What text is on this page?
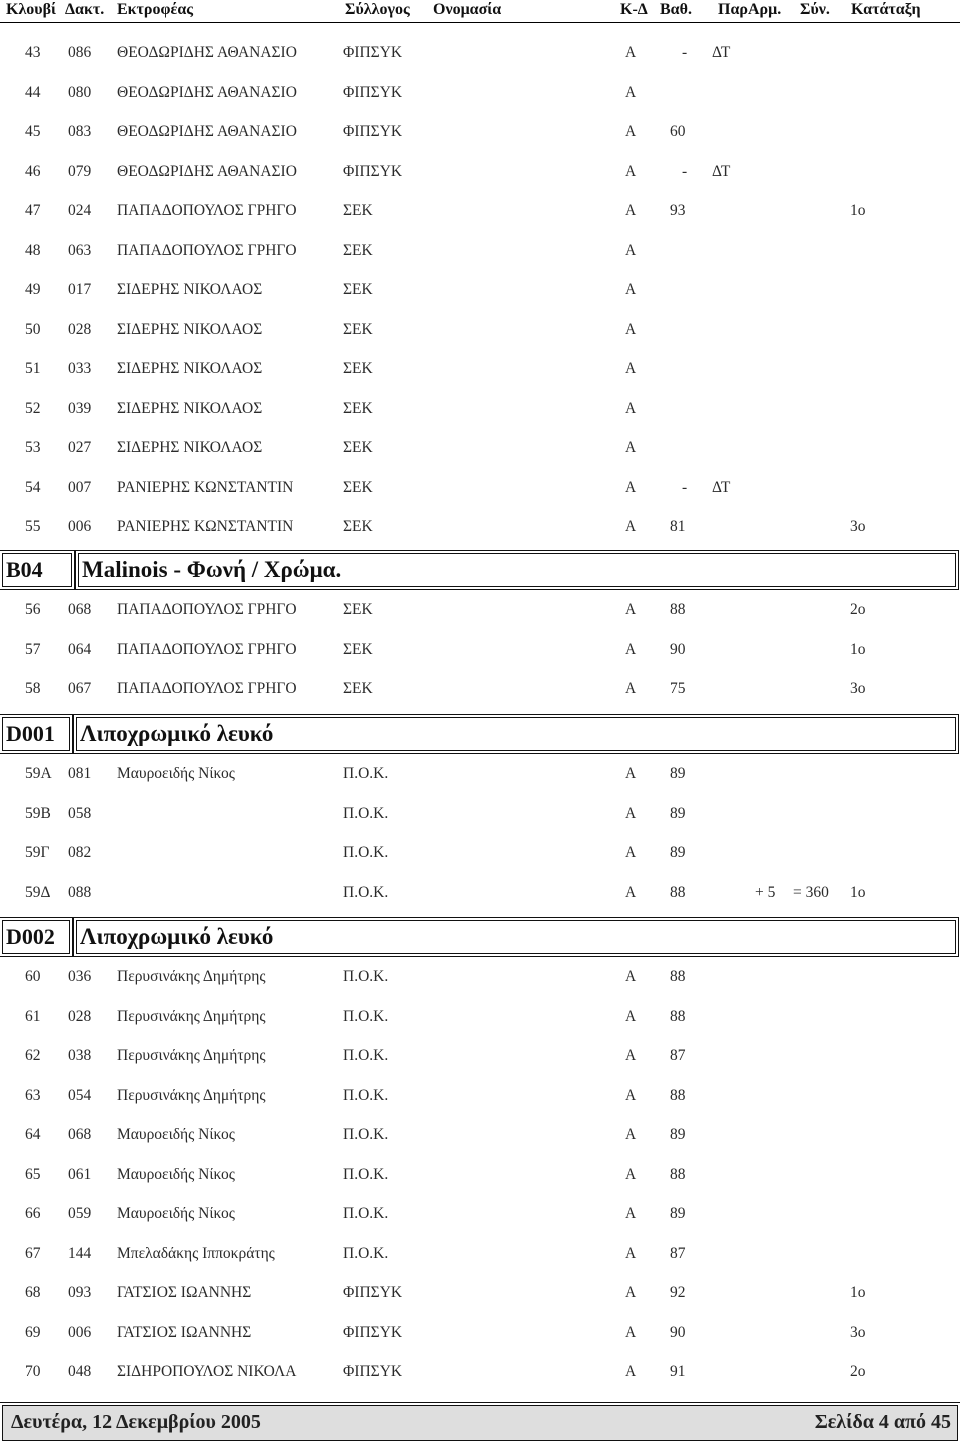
Κλουβί Δακτ. Εκτροφέας	Σύλλογος Ονομασία	Κ-Δ Βαθ. Παρ Αρμ. Σύν. Κατάταξη
43 086 ΘΕΟΔΩΡΙΔΗΣ ΑΘΑΝΑΣΙΟ	ΦΙΠΣΥΚ	Α	- ΔΤ
44 080 ΘΕΟΔΩΡΙΔΗΣ ΑΘΑΝΑΣΙΟ	ΦΙΠΣΥΚ	Α
45 083 ΘΕΟΔΩΡΙΔΗΣ ΑΘΑΝΑΣΙΟ	ΦΙΠΣΥΚ	Α 60
46 079 ΘΕΟΔΩΡΙΔΗΣ ΑΘΑΝΑΣΙΟ	ΦΙΠΣΥΚ	Α	- ΔΤ
47 024 ΠΑΠΑΔΟΠΟΥΛΟΣ ΓΡΗΓΟ	ΣΕΚ	Α 93	1ο
48 063 ΠΑΠΑΔΟΠΟΥΛΟΣ ΓΡΗΓΟ	ΣΕΚ	Α
49 017 ΣΙΔΕΡΗΣ ΝΙΚΟΛΑΟΣ	ΣΕΚ	Α
50 028 ΣΙΔΕΡΗΣ ΝΙΚΟΛΑΟΣ	ΣΕΚ	Α
51 033 ΣΙΔΕΡΗΣ ΝΙΚΟΛΑΟΣ	ΣΕΚ	Α
52 039 ΣΙΔΕΡΗΣ ΝΙΚΟΛΑΟΣ	ΣΕΚ	Α
53 027 ΣΙΔΕΡΗΣ ΝΙΚΟΛΑΟΣ	ΣΕΚ	Α
54 007 ΡΑΝΙΕΡΗΣ ΚΩΝΣΤΑΝΤΙΝ	ΣΕΚ	Α	- ΔΤ
55 006 ΡΑΝΙΕΡΗΣ ΚΩΝΣΤΑΝΤΙΝ	ΣΕΚ	Α 81	3ο
56 068 ΠΑΠΑΔΟΠΟΥΛΟΣ ΓΡΗΓΟ	ΣΕΚ	Α 88	2ο
57 064 ΠΑΠΑΔΟΠΟΥΛΟΣ ΓΡΗΓΟ	ΣΕΚ	Α 90	1ο
58 067 ΠΑΠΑΔΟΠΟΥΛΟΣ ΓΡΗΓΟ	ΣΕΚ	Α 75	3ο
59Α 081 Μαυροειδής Νίκος	Π.Ο.Κ.	Α 89
59Β 058	Π.Ο.Κ.	Α 89
59Γ 082	Π.Ο.Κ.	Α 89
59Δ 088	Π.Ο.Κ.	Α 88	+ 5 = 360 1ο
60 036 Περυσινάκης Δημήτρης	Π.Ο.Κ.	Α 88
61 028 Περυσινάκης Δημήτρης	Π.Ο.Κ.	Α 88
62 038 Περυσινάκης Δημήτρης	Π.Ο.Κ.	Α 87
63 054 Περυσινάκης Δημήτρης	Π.Ο.Κ.	Α 88
64 068 Μαυροειδής Νίκος	Π.Ο.Κ.	Α 89
65 061 Μαυροειδής Νίκος	Π.Ο.Κ.	Α 88
66 059 Μαυροειδής Νίκος	Π.Ο.Κ.	Α 89
67 144 Μπελαδάκης Ιπποκράτης	Π.Ο.Κ.	Α 87
68 093 ΓΑΤΣΙΟΣ ΙΩΑΝΝΗΣ	ΦΙΠΣΥΚ	Α 92	1ο
69 006 ΓΑΤΣΙΟΣ ΙΩΑΝΝΗΣ	ΦΙΠΣΥΚ	Α 90	3ο
70 048 ΣΙΔΗΡΟΠΟΥΛΟΣ ΝΙΚΟΛΑ	ΦΙΠΣΥΚ	Α 91	2ο
B04	Malinois - Φωνή / Χρώμα.
D001	Λιποχρωμικό λευκό
D002	Λιποχρωμικό λευκό
Δευτέρα, 12 Δεκεμβρίου 2005	Σελίδα 4 από 45
